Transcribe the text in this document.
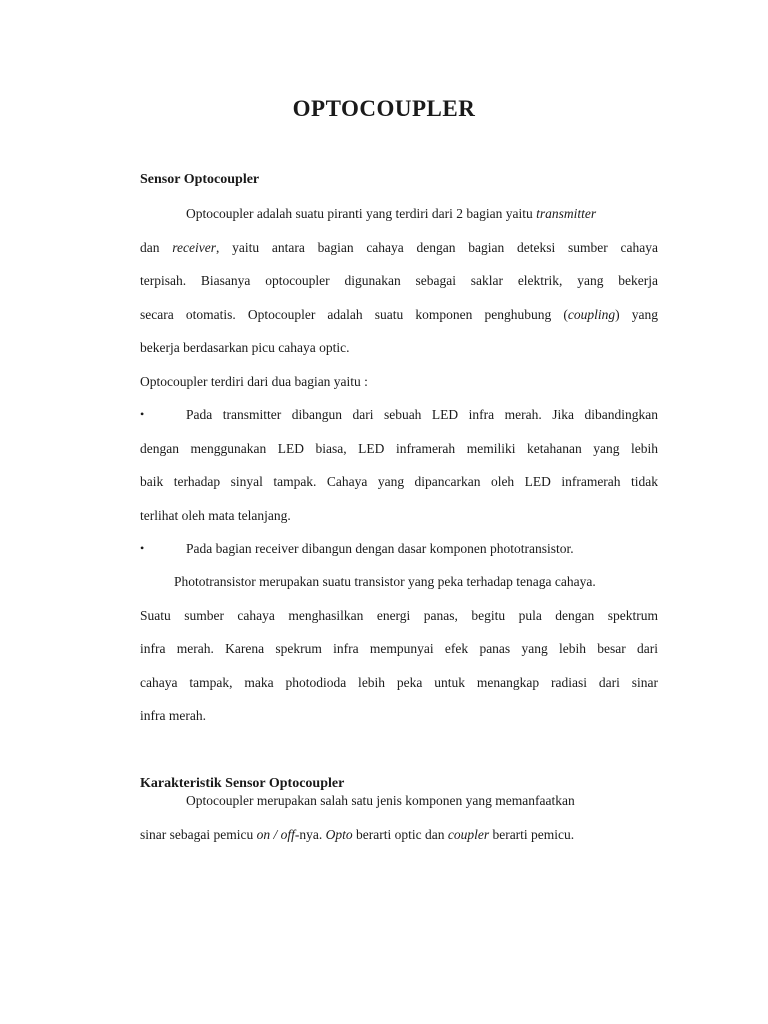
OPTOCOUPLER
Sensor Optocoupler
Optocoupler adalah suatu piranti yang terdiri dari 2 bagian yaitu transmitter
dan receiver, yaitu antara bagian cahaya dengan bagian deteksi sumber cahaya
terpisah. Biasanya optocoupler digunakan sebagai saklar elektrik, yang bekerja
secara otomatis. Optocoupler adalah suatu komponen penghubung (coupling) yang
bekerja berdasarkan picu cahaya optic.

Optocoupler terdiri dari dua bagian yaitu :

•	Pada transmitter dibangun dari sebuah LED infra merah. Jika dibandingkan
dengan menggunakan LED biasa, LED inframerah memiliki ketahanan yang lebih
baik terhadap sinyal tampak. Cahaya yang dipancarkan oleh LED inframerah tidak
terlihat oleh mata telanjang.
•	Pada bagian receiver dibangun dengan dasar komponen phototransistor.
Phototransistor merupakan suatu transistor yang peka terhadap tenaga cahaya.
Suatu sumber cahaya menghasilkan energi panas, begitu pula dengan spektrum
infra merah. Karena spekrum infra mempunyai efek panas yang lebih besar dari
cahaya tampak, maka photodioda lebih peka untuk menangkap radiasi dari sinar
infra merah.
Karakteristik Sensor Optocoupler
Optocoupler merupakan salah satu jenis komponen yang memanfaatkan
sinar sebagai pemicu on / off-nya. Opto berarti optic dan coupler berarti pemicu.
